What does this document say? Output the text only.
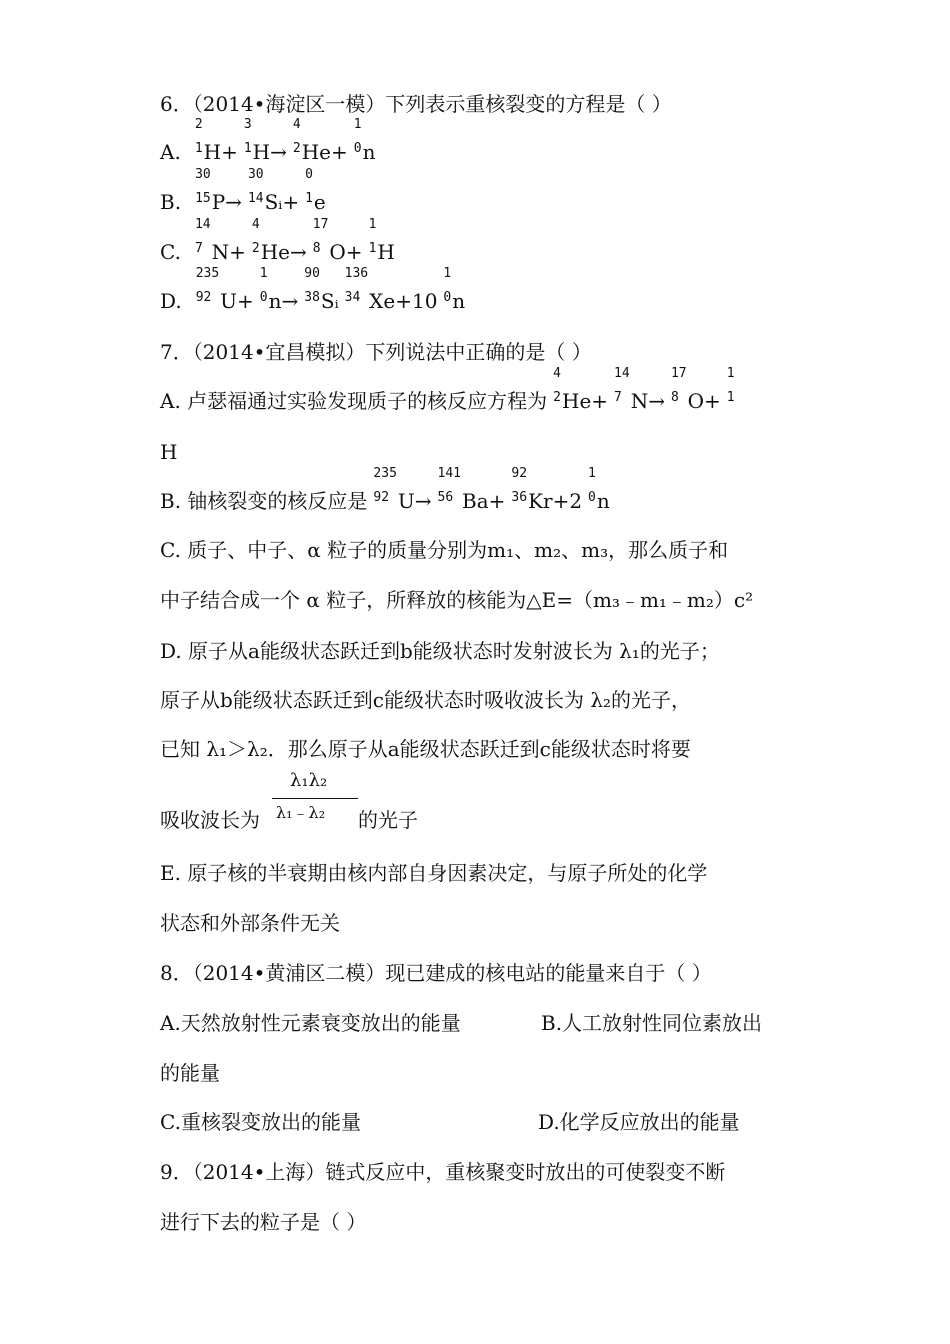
6．（2014•海淀区一模）下列表示重核裂变的方程是（ ）
A.
2
1 H+
3
1 H→
4
2 He+
1
0 n
B.
30
15 P→
30
14 Sᵢ+
0
1 e
C.
14
7 N+
4
2 He→
17
8 O+
1
1 H
D.
235
92 U+
1
0 n→
90
38 Sᵢ
136
34 Xe+10
1
0 n
7．（2014•宜昌模拟）下列说法中正确的是（ ）
A. 卢瑟福通过实验发现质子的核反应方程为
4
2 He+
14
7 N→
17
8 O+
1
1
H
B. 铀核裂变的核反应是
235
92 U→
141
56 Ba+
92
36 Kr+2
1
0 n
C. 质子、中子、α 粒子的质量分别为m₁、m₂、m₃，那么质子和
中子结合成一个 α 粒子，所释放的核能为△E=（m₃﹣m₁﹣m₂）c²
D. 原子从a能级状态跃迁到b能级状态时发射波长为 λ₁的光子；
原子从b能级状态跃迁到c能级状态时吸收波长为 λ₂的光子，
已知 λ₁＞λ₂．那么原子从a能级状态跃迁到c能级状态时将要
λ₁λ₂
λ₁﹣λ₂
吸收波长为	的光子
E. 原子核的半衰期由核内部自身因素决定，与原子所处的化学
状态和外部条件无关
8．（2014•黄浦区二模）现已建成的核电站的能量来自于（ ）
A.天然放射性元素衰变放出的能量	B.人工放射性同位素放出
的能量
C.重核裂变放出的能量	D.化学反应放出的能量
9．（2014•上海）链式反应中，重核聚变时放出的可使裂变不断
进行下去的粒子是（ ）
